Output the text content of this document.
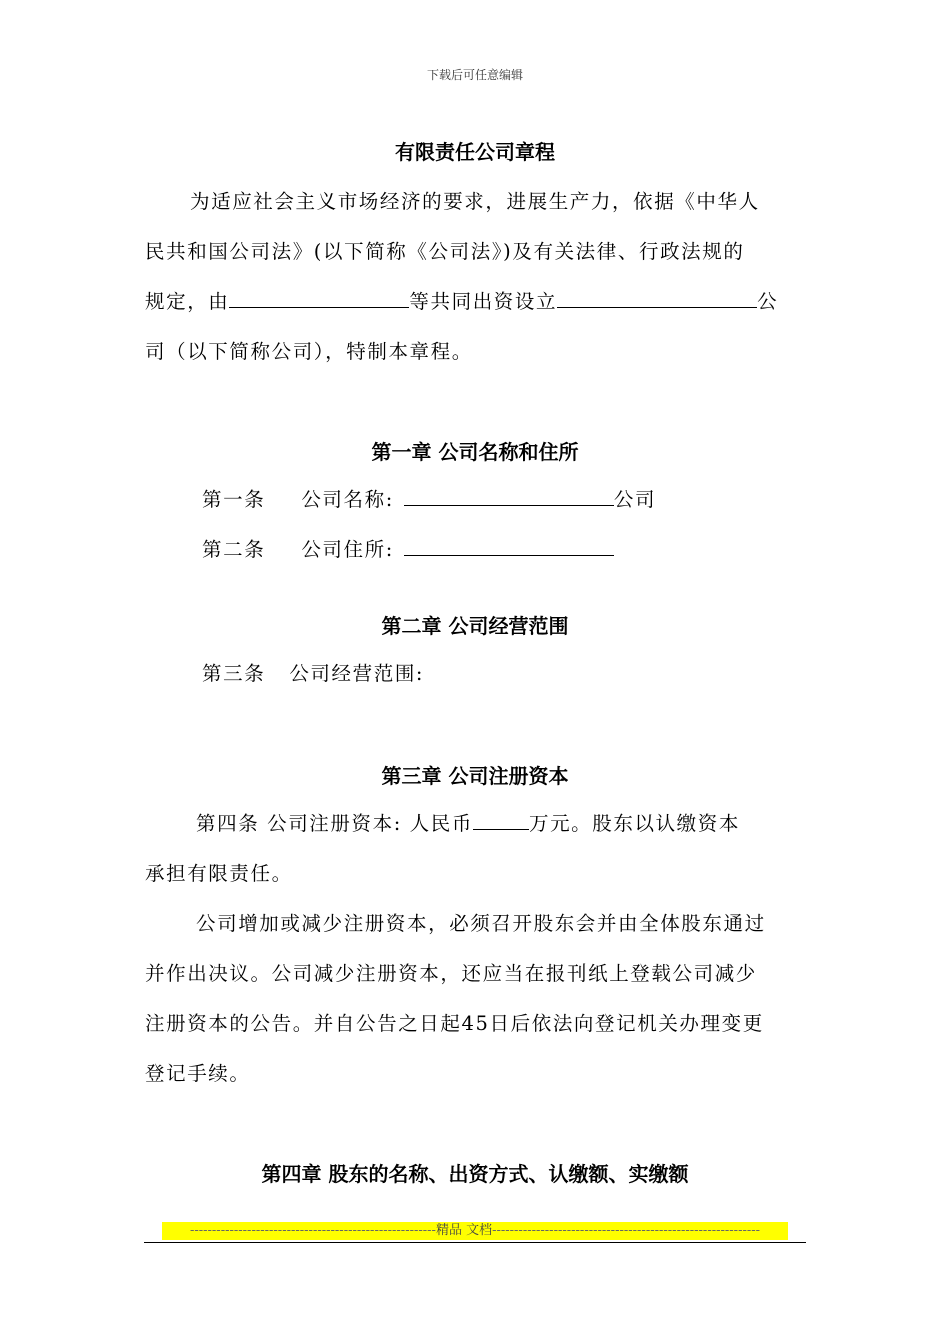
下载后可任意编辑
有限责任公司章程
为适应社会主义市场经济的要求，进展生产力，依据《中华人
民共和国公司法》(以下简称《公司法》)及有关法律、行政法规的
规定，由	等共同出资设立	公
司（以下简称公司），特制本章程。
第一章 公司名称和住所
第一条 公司名称:	公司
第二条 公司住所:
第二章 公司经营范围
第三条 公司经营范围:
第三章 公司注册资本
第四条 公司注册资本: 人民币	万元。股东以认缴资本
承担有限责任。
公司增加或减少注册资本，必须召开股东会并由全体股东通过
并作出决议。公司减少注册资本，还应当在报刊纸上登载公司减少
注册资本的公告。并自公告之日起45日后依法向登记机关办理变更
登记手续。
第四章 股东的名称、出资方式、认缴额、实缴额
--------------------------------------------------------精品 文档-------------------------------------------------------------
